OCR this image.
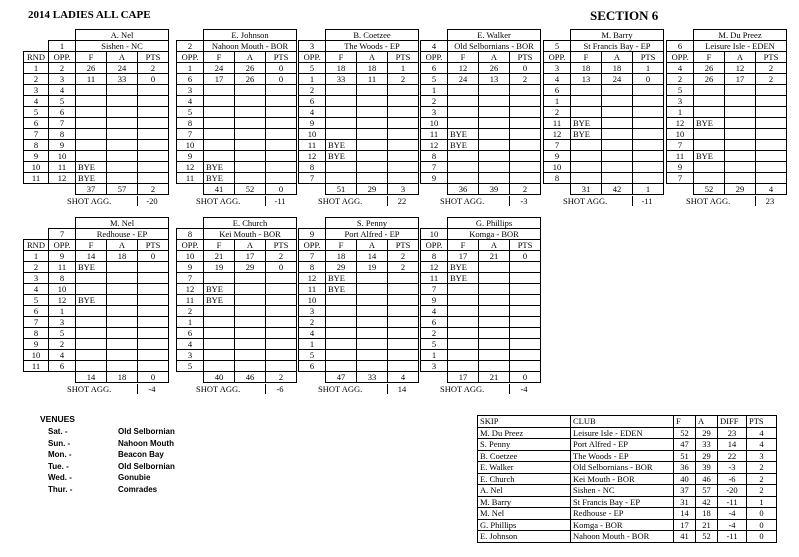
2014 LADIES ALL CAPE	SECTION 6
		A. Nel		
	1	Sishen - NC		
RND	OPP.	F	A	PTS
1	2	26	24	2
2	3	11	33	0
3	4			
4	5			
5	6			
6	7			
7	8			
8	9			
9	10			
10	11	BYE		
11	12	BYE		
		37	57	2
SHOT AGG.	-20
	E. Johnson		
2	Nahoon Mouth - BOR		
OPP.	F	A	PTS
1	24	26	0
6	17	26	0
3			
4			
5			
8			
7			
10			
9			
12	BYE		
11	BYE		
	41	52	0
SHOT AGG.	-11
	B. Coetzee		
3	The Woods - EP		
OPP.	F	A	PTS
5	18	18	1
1	33	11	2
2			
6			
4			
9			
10			
11	BYE		
12	BYE		
8			
7			
	51	29	3
SHOT AGG.	22
	E. Walker		
4	Old Selbornians - BOR		
OPP.	F	A	PTS
6	12	26	0
5	24	13	2
1			
2			
3			
10			
11	BYE		
12	BYE		
8			
7			
9			
	36	39	2
SHOT AGG.	-3
	M. Barry		
5	St Francis Bay - EP		
OPP.	F	A	PTS
3	18	18	1
4	13	24	0
6			
1			
2			
11	BYE		
12	BYE		
7			
9			
10			
8			
	31	42	1
SHOT AGG.	-11
	M. Du Preez		
6	Leisure Isle - EDEN		
OPP.	F	A	PTS
4	26	12	2
2	26	17	2
5			
3			
1			
12	BYE		
10			
7			
11	BYE		
9			
7			
	52	29	4
SHOT AGG.	23
		M. Nel		
	7	Redhouse - EP		
RND	OPP.	F	A	PTS
1	9	14	18	0
2	11	BYE		
3	8			
4	10			
5	12	BYE		
6	1			
7	3			
8	5			
9	2			
10	4			
11	6			
		14	18	0
SHOT AGG.	-4
	E. Church		
8	Kei Mouth - BOR		
OPP.	F	A	PTS
10	21	17	2
9	19	29	0
7			
12	BYE		
11	BYE		
2			
1			
6			
4			
3			
5			
	40	46	2
SHOT AGG.	-6
	S. Penny		
9	Port Alfred - EP		
OPP.	F	A	PTS
7	18	14	2
8	29	19	2
12	BYE		
11	BYE		
10			
3			
2			
4			
1			
5			
6			
	47	33	4
SHOT AGG.	14
	G. Phillips		
10	Komga - BOR		
OPP.	F	A	PTS
8	17	21	0
12	BYE		
11	BYE		
7			
9			
4			
6			
2			
5			
1			
3			
	17	21	0
SHOT AGG.	-4
VENUES
Sat. -	Old Selbornian
Sun. -	Nahoon Mouth
Mon. -	Beacon Bay
Tue. -	Old Selbornian
Wed. -	Gonubie
Thur. -	Comrades
SKIP	CLUB	F	A	DIFF	PTS
M. Du Preez	Leisure Isle - EDEN	52	29	23	4
S. Penny	Port Alfred - EP	47	33	14	4
B. Coetzee	The Woods - EP	51	29	22	3
E. Walker	Old Selbornians - BOR	36	39	-3	2
E. Church	Kei Mouth - BOR	40	46	-6	2
A. Nel	Sishen - NC	37	57	-20	2
M. Barry	St Francis Bay - EP	31	42	-11	1
M. Nel	Redhouse - EP	14	18	-4	0
G. Phillips	Komga - BOR	17	21	-4	0
E. Johnson	Nahoon Mouth - BOR	41	52	-11	0
